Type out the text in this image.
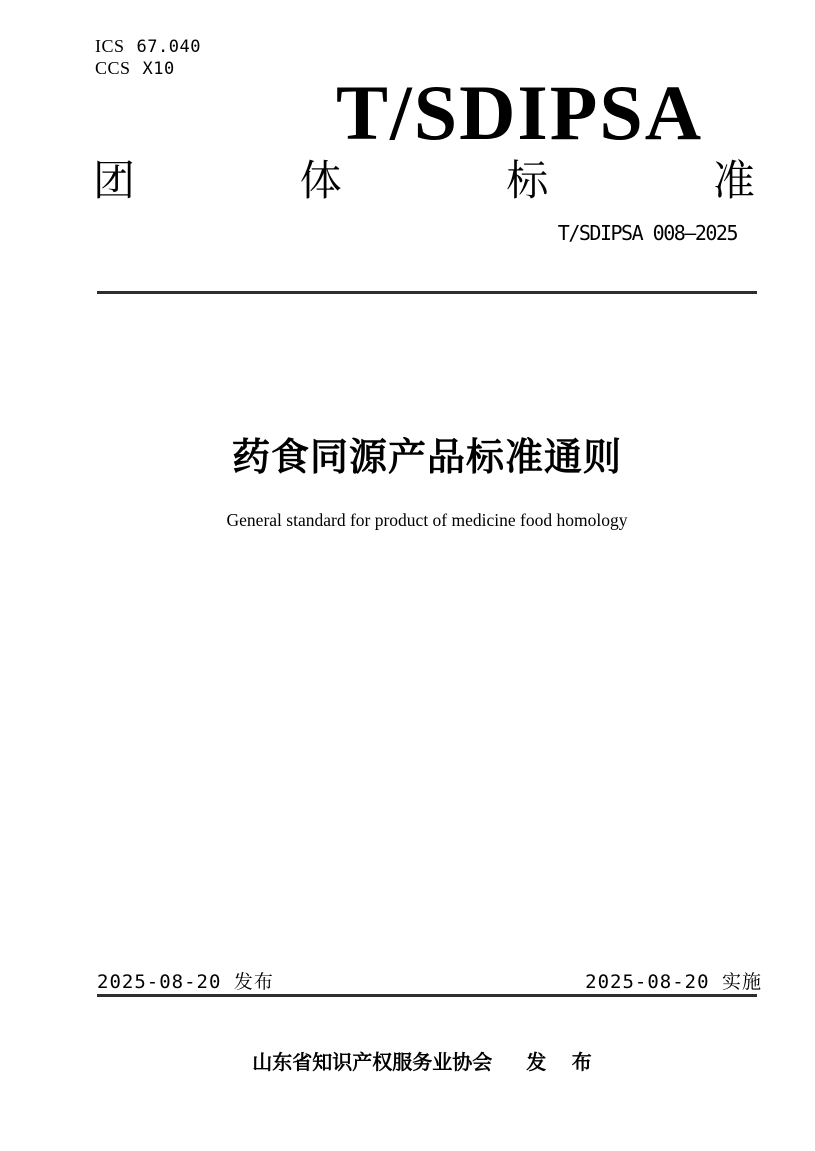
ICS 67.040
CCS X10 T/SDIPSA
团	体	标	准
T/SDIPSA 008—2025
药食同源产品标准通则
General standard for product of medicine food homology
2025-08-20 发布	2025-08-20 实施
山东省知识产权服务业协会 发 布
